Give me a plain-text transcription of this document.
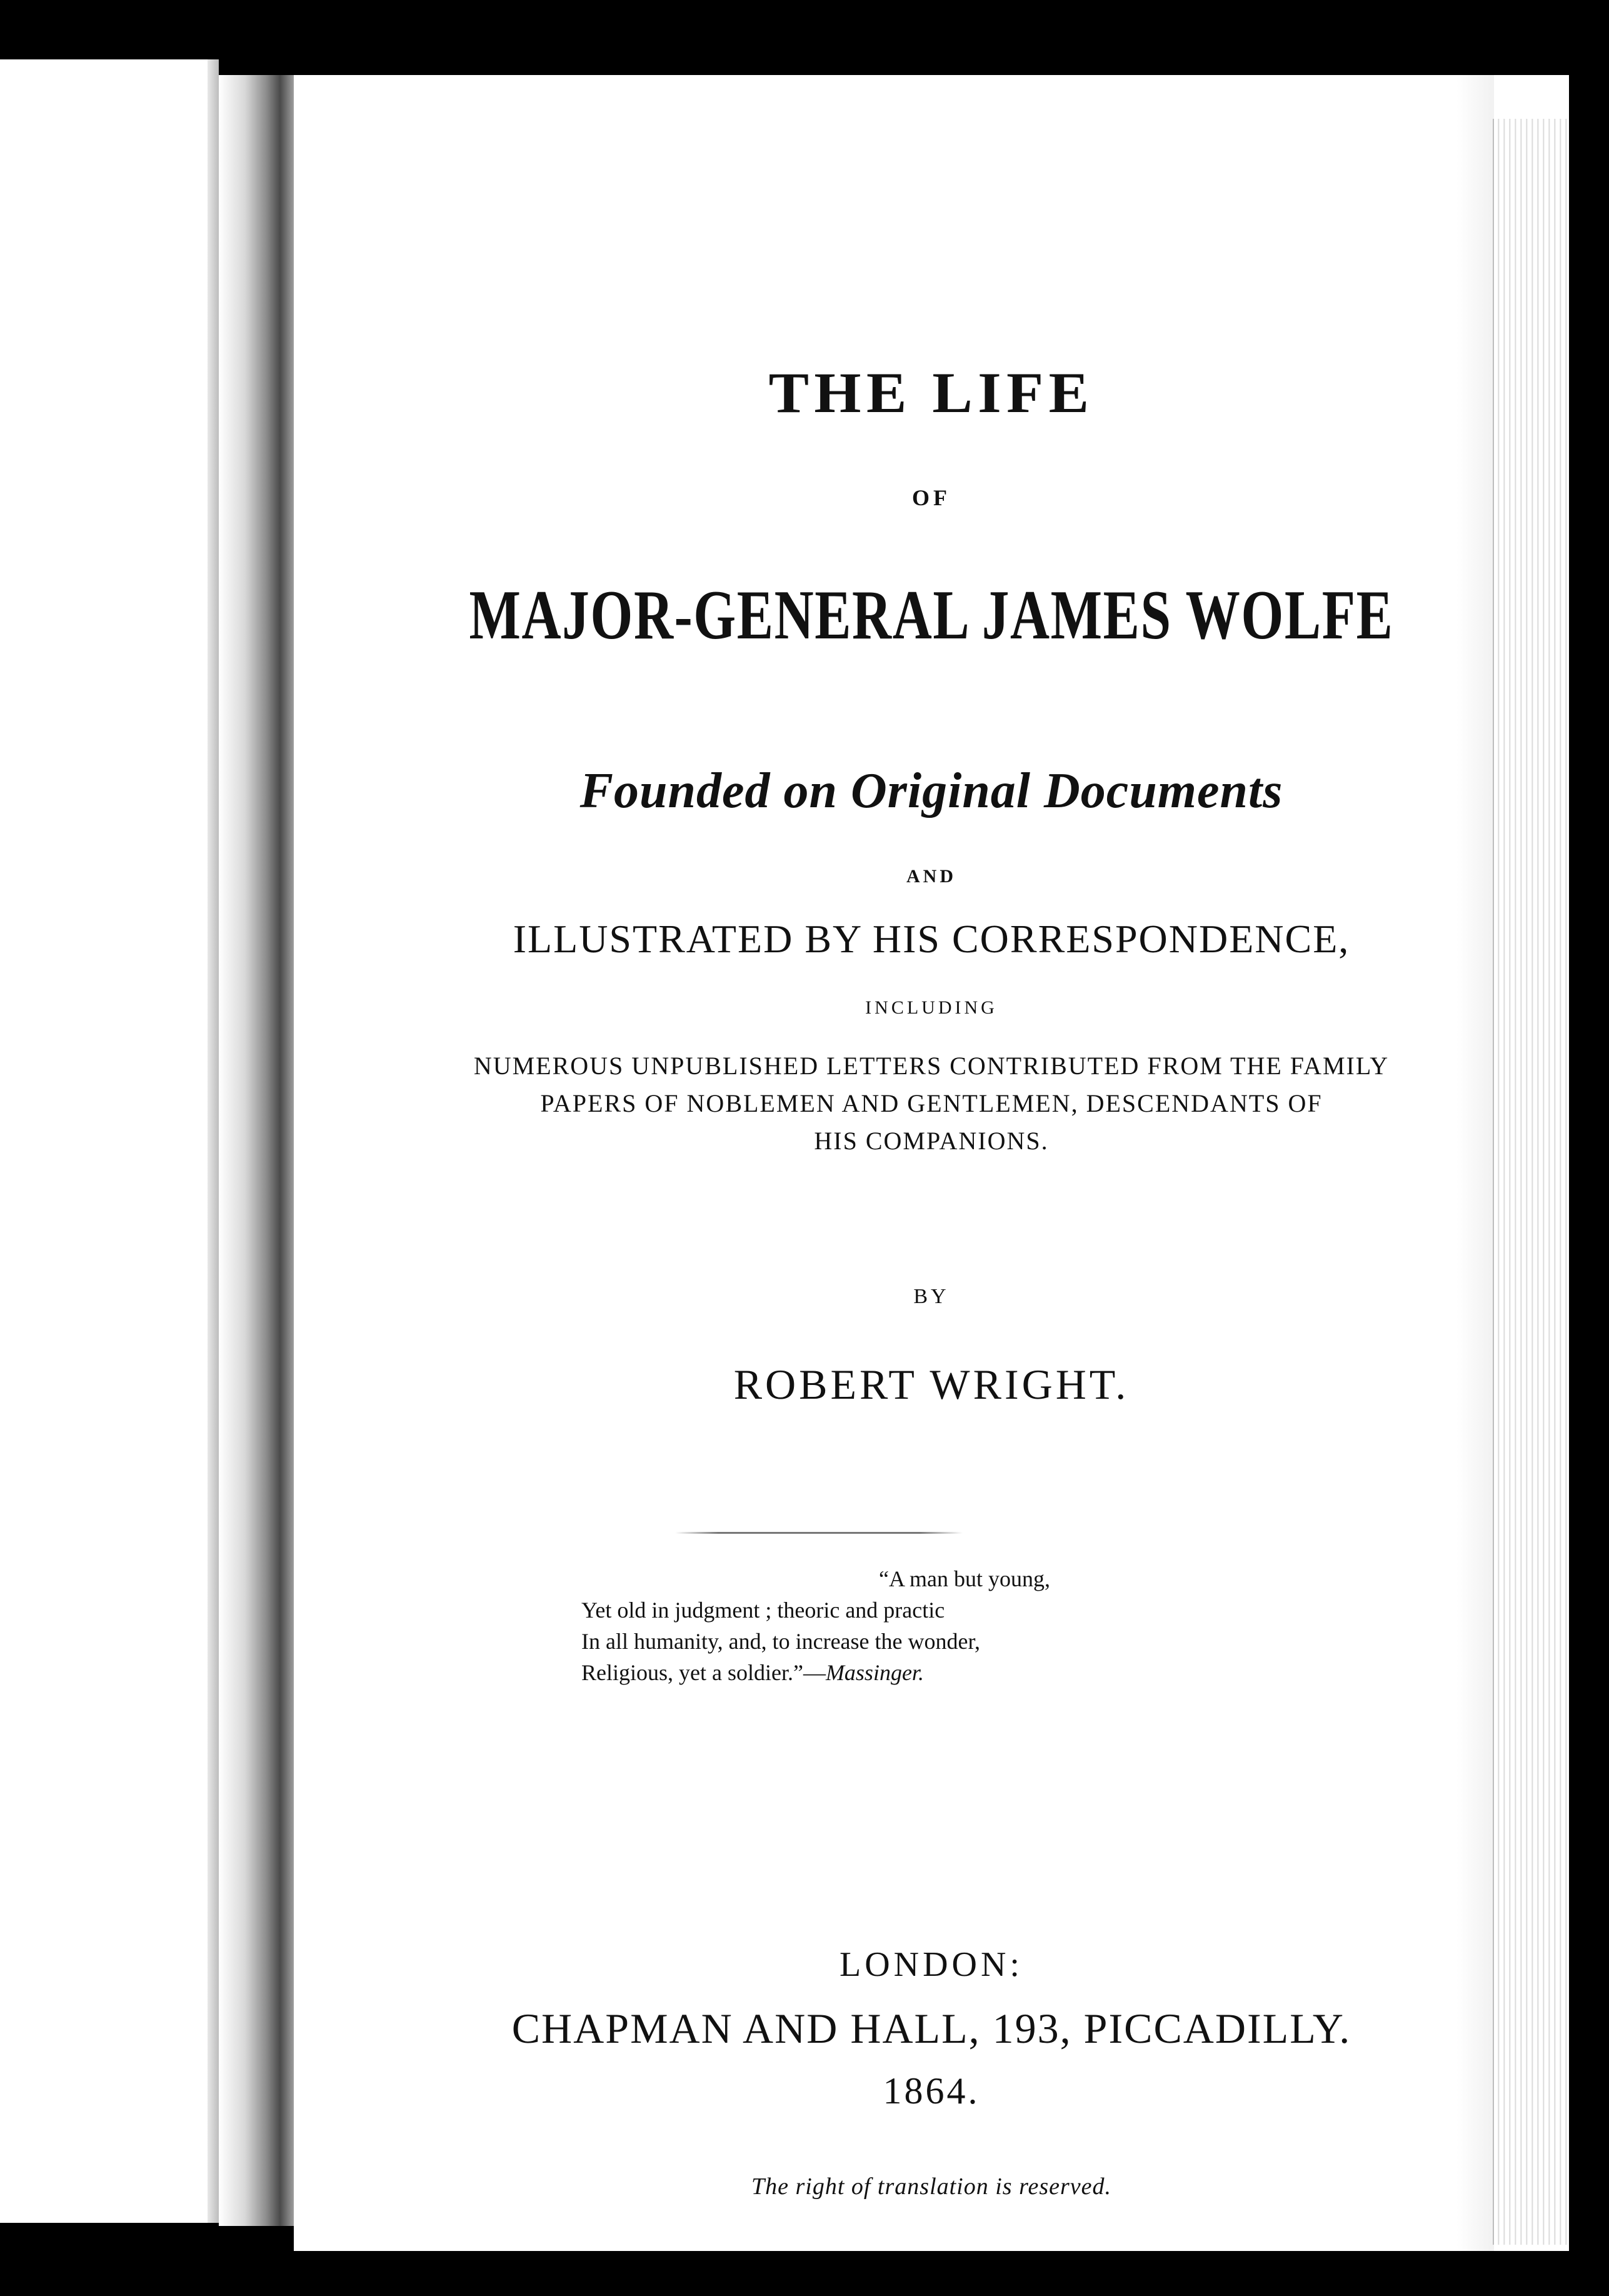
THE LIFE
OF
MAJOR-GENERAL JAMES WOLFE
Founded on Original Documents
AND
ILLUSTRATED BY HIS CORRESPONDENCE,
INCLUDING
NUMEROUS UNPUBLISHED LETTERS CONTRIBUTED FROM THE FAMILY
PAPERS OF NOBLEMEN AND GENTLEMEN, DESCENDANTS OF
HIS COMPANIONS.
BY
ROBERT WRIGHT.
“A man but young,
Yet old in judgment ; theoric and practic
In all humanity, and, to increase the wonder,
Religious, yet a soldier.”—Massinger.
LONDON:
CHAPMAN AND HALL, 193, PICCADILLY.
1864.
The right of translation is reserved.
